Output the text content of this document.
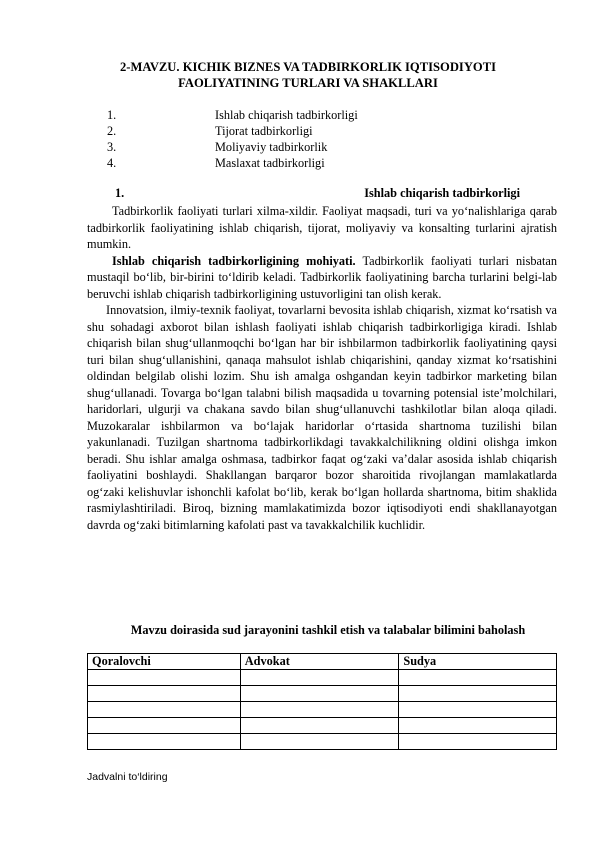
2-MAVZU. KICHIK BIZNES VA TADBIRKORLIK IQTISODIYOTI
FAOLIYATINING TURLARI VA SHAKLLARI
1.	Ishlab chiqarish tadbirkorligi
2.	Tijorat tadbirkorligi
3.	Moliyaviy tadbirkorlik
4.	Maslaxat tadbirkorligi
1.	Ishlab chiqarish tadbirkorligi

Tadbirkorlik faoliyati turlari xilma-xildir. Faoliyat maqsadi, turi va yo‘nalishlariga qarab tadbirkorlik faoliyatining ishlab chiqarish, tijorat, moliyaviy va konsalting turlarini ajratish mumkin.

Ishlab chiqarish tadbirkorligining mohiyati. Tadbirkorlik faoliyati turlari nisbatan mustaqil bo‘lib, bir-birini to‘ldirib keladi. Tadbirkorlik faoliyatining barcha turlarini belgi-lab beruvchi ishlab chiqarish tadbirkorligining ustuvorligini tan olish kerak.

Innovatsion, ilmiy-texnik faoliyat, tovarlarni bevosita ishlab chiqarish, xizmat ko‘rsatish va shu sohadagi axborot bilan ishlash faoliyati ishlab chiqarish tadbirkorligiga kiradi. Ishlab chiqarish bilan shug‘ullanmoqchi bo‘lgan har bir ishbilarmon tadbirkorlik faoliyatining qaysi turi bilan shug‘ullanishini, qanaqa mahsulot ishlab chiqarishini, qanday xizmat ko‘rsatishini oldindan belgilab olishi lozim. Shu ish amalga oshgandan keyin tadbirkor marketing bilan shug‘ullanadi. Tovarga bo‘lgan talabni bilish maqsadida u tovarning potensial iste’molchilari, haridorlari, ulgurji va chakana savdo bilan shug‘ullanuvchi tashkilotlar bilan aloqa qiladi. Muzokaralar ishbilarmon va bo‘lajak haridorlar o‘rtasida shartnoma tuzilishi bilan yakunlanadi. Tuzilgan shartnoma tadbirkorlikdagi tavakkalchilikning oldini olishga imkon beradi. Shu ishlar amalga oshmasa, tadbirkor faqat og‘zaki va’dalar asosida ishlab chiqarish faoliyatini boshlaydi. Shakllangan barqaror bozor sharoitida rivojlangan mamlakatlarda og‘zaki kelishuvlar ishonchli kafolat bo‘lib, kerak bo‘lgan hollarda shartnoma, bitim shaklida rasmiylashtiriladi. Biroq, bizning mamlakatimizda bozor iqtisodiyoti endi shakllanayotgan davrda og‘zaki bitimlarning kafolati past va tavakkalchilik kuchlidir.

Mavzu doirasida sud jarayonini tashkil etish va talabalar bilimini baholash
Qoralovchi	Advokat	Sudya

Jadvalni to‘ldiring
